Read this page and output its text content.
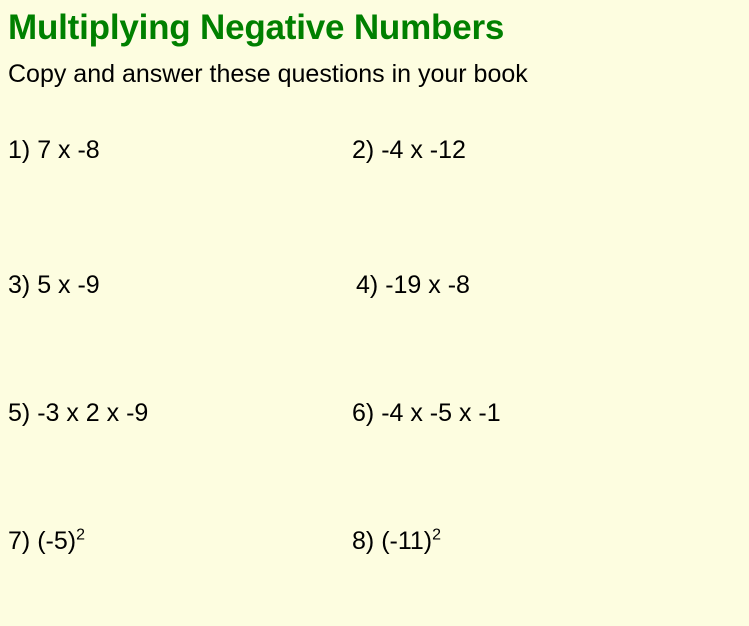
Multiplying Negative Numbers
Copy and answer these questions in your book
1) 7 x -8	2) -4 x -12
3) 5 x -9	4) -19 x -8
5) -3 x 2 x -9	6) -4 x -5 x -1
7) $(-5)^2$	8) $(-11)^2$
